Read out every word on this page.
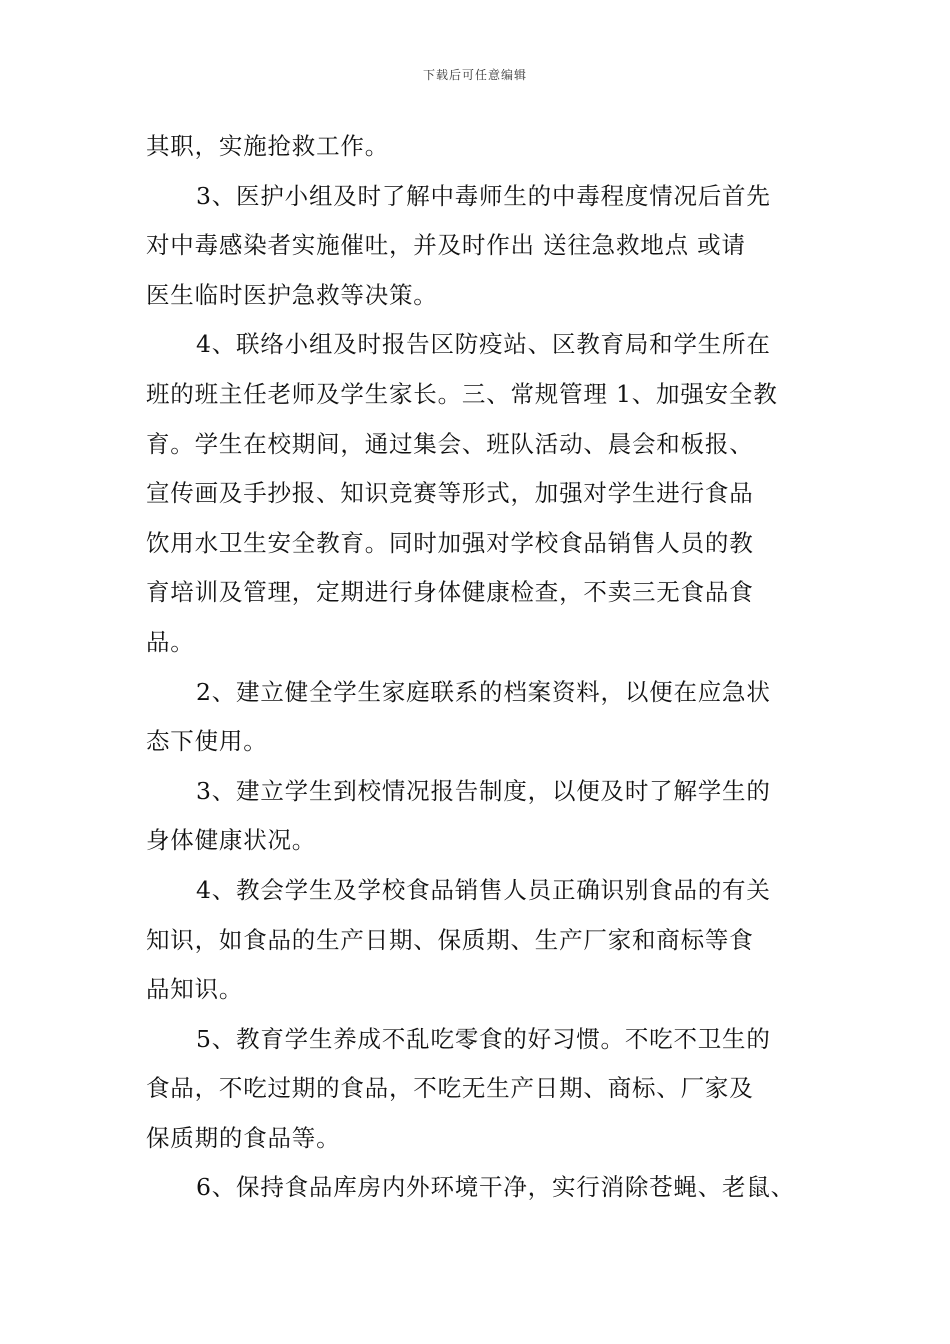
下载后可任意编辑
其职，实施抢救工作。
3、医护小组及时了解中毒师生的中毒程度情况后首先
对中毒感染者实施催吐，并及时作出 送往急救地点 或请
医生临时医护急救等决策。
4、联络小组及时报告区防疫站、区教育局和学生所在
班的班主任老师及学生家长。三、常规管理 1、加强安全教
育。学生在校期间，通过集会、班队活动、晨会和板报、
宣传画及手抄报、知识竞赛等形式，加强对学生进行食品
饮用水卫生安全教育。同时加强对学校食品销售人员的教
育培训及管理，定期进行身体健康检查，不卖三无食品食
品。
2、建立健全学生家庭联系的档案资料，以便在应急状
态下使用。
3、建立学生到校情况报告制度，以便及时了解学生的
身体健康状况。
4、教会学生及学校食品销售人员正确识别食品的有关
知识，如食品的生产日期、保质期、生产厂家和商标等食
品知识。
5、教育学生养成不乱吃零食的好习惯。不吃不卫生的
食品，不吃过期的食品，不吃无生产日期、商标、厂家及
保质期的食品等。
6、保持食品库房内外环境干净，实行消除苍蝇、老鼠、
